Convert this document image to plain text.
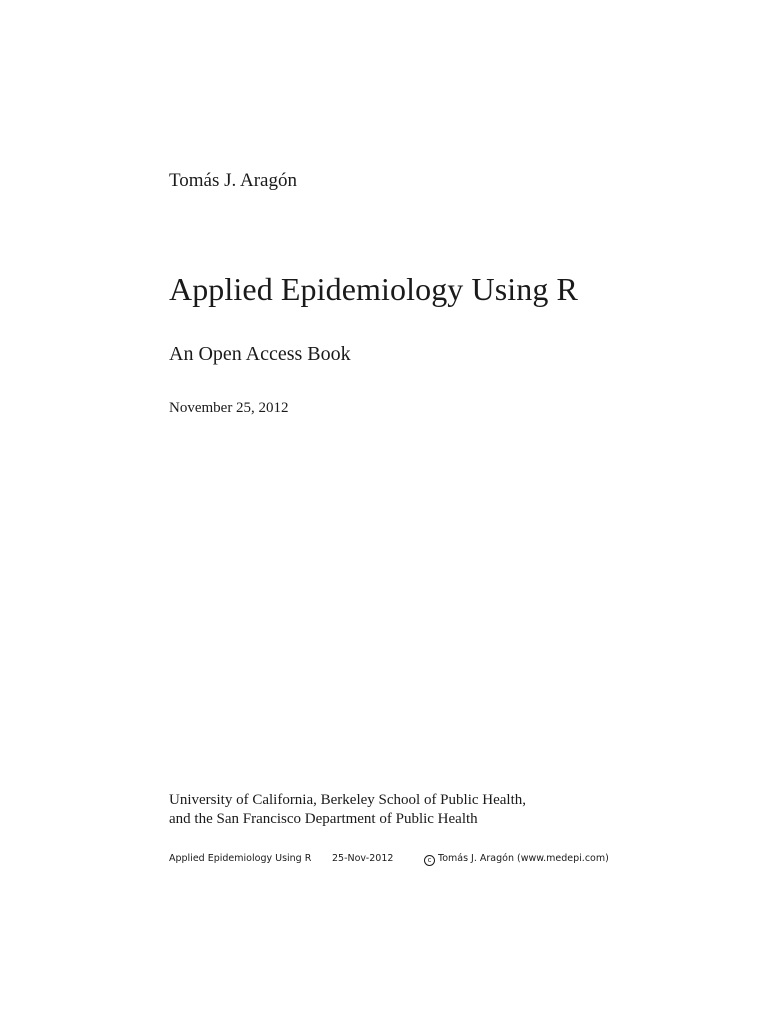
Tomás J. Aragón
Applied Epidemiology Using R
An Open Access Book
November 25, 2012
University of California, Berkeley School of Public Health,
and the San Francisco Department of Public Health
Applied Epidemiology Using R 25-Nov-2012	c Tomás J. Aragón (www.medepi.com)
